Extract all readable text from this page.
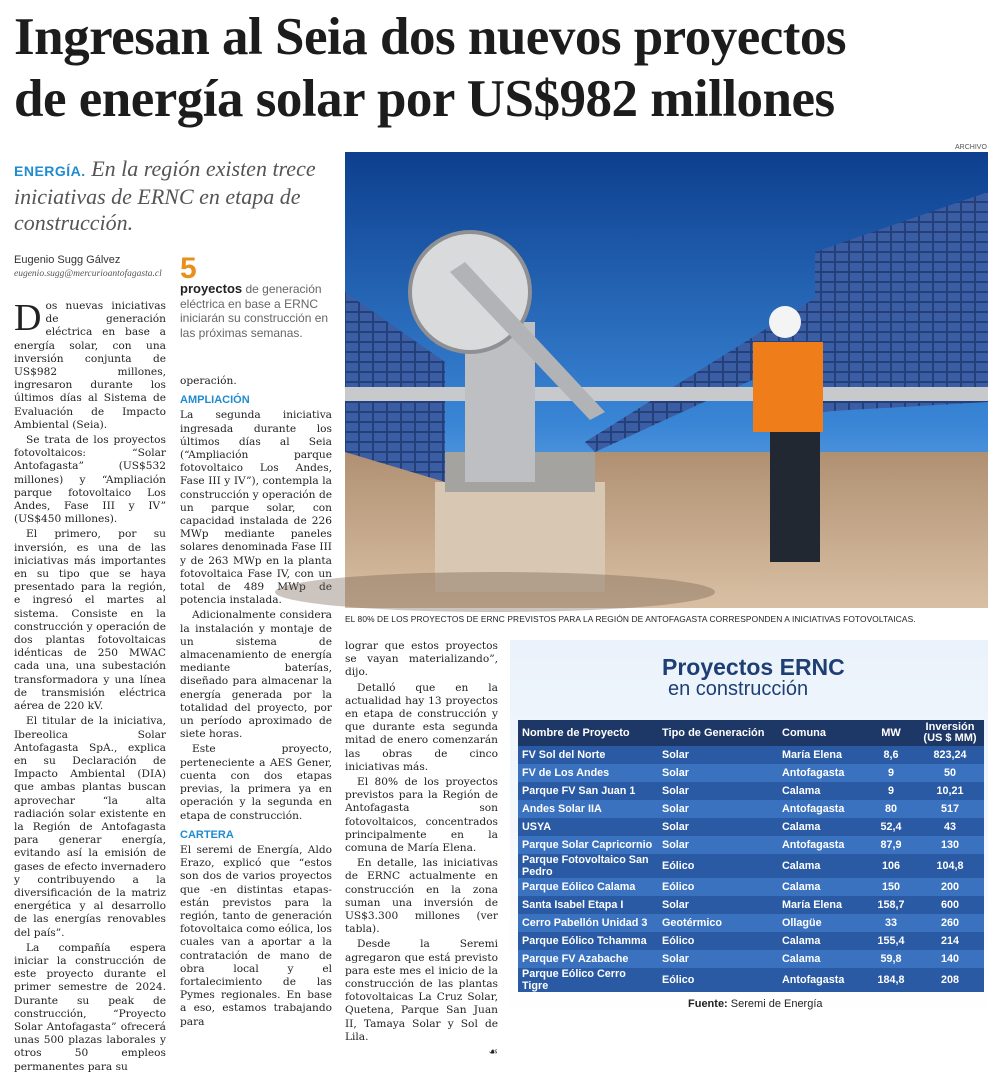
Ingresan al Seia dos nuevos proyectos
de energía solar por US$982 millones
ENERGÍA. En la región existen trece iniciativas de ERNC en etapa de construcción.
Eugenio Sugg Gálvez
eugenio.sugg@mercurioantofagasta.cl 5
proyectos de generación eléctrica en base a ERNC iniciarán su construcción en las próximas semanas.

Dos nuevas iniciativas de generación eléctrica en base a energía solar, con una inversión conjunta de US$982 millones, ingresaron durante los últimos días al Sistema de Evaluación de Impacto Ambiental (Seia).

Se trata de los proyectos fotovoltaicos: “Solar Antofagasta” (US$532 millones) y “Ampliación parque fotovoltaico Los Andes, Fase III y IV” (US$450 millones).

El primero, por su inversión, es una de las iniciativas más importantes en su tipo que se haya presentado para la región, e ingresó el martes al sistema. Consiste en la construcción y operación de dos plantas fotovoltaicas idénticas de 250 MWAC cada una, una subestación transformadora y una línea de transmisión eléctrica aérea de 220 kV.

El titular de la iniciativa, Ibereolica Solar Antofagasta SpA., explica en su Declaración de Impacto Ambiental (DIA) que ambas plantas buscan aprovechar “la alta radiación solar existente en la Región de Antofagasta para generar energía, evitando así la emisión de gases de efecto invernadero y contribuyendo a la diversificación de la matriz energética y al desarrollo de las energías renovables del país”.

La compañía espera iniciar la construcción de este proyecto durante el primer semestre de 2024. Durante su peak de construcción, “Proyecto Solar Antofagasta” ofrecerá unas 500 plazas laborales y otros 50 empleos permanentes para su

operación.

AMPLIACIÓN

La segunda iniciativa ingresada durante los últimos días al Seia (“Ampliación parque fotovoltaico Los Andes, Fase III y IV”), contempla la construcción y operación de un parque solar, con capacidad instalada de 226 MWp mediante paneles solares denominada Fase III y de 263 MWp en la planta fotovoltaica Fase IV, con un total de 489 MWp de potencia instalada.

Adicionalmente considera la instalación y montaje de un sistema de almacenamiento de energía mediante baterías, diseñado para almacenar la energía generada por la totalidad del proyecto, por un período aproximado de siete horas.

Este proyecto, perteneciente a AES Gener, cuenta con dos etapas previas, la primera ya en operación y la segunda en etapa de construcción.

CARTERA

El seremi de Energía, Aldo Erazo, explicó que “estos son dos de varios proyectos que -en distintas etapas- están previstos para la región, tanto de generación fotovoltaica como eólica, los cuales van a aportar a la contratación de mano de obra local y el fortalecimiento de las Pymes regionales. En base a eso, estamos trabajando para

lograr que estos proyectos se vayan materializando”, dijo.

Detalló que en la actualidad hay 13 proyectos en etapa de construcción y que durante esta segunda mitad de enero comenzarán las obras de cinco iniciativas más.

El 80% de los proyectos previstos para la Región de Antofagasta son fotovoltaicos, concentrados principalmente en la comuna de María Elena.

En detalle, las iniciativas de ERNC actualmente en construcción en la zona suman una inversión de US$3.300 millones (ver tabla).

Desde la Seremi agregaron que está previsto para este mes el inicio de la construcción de las plantas fotovoltaicas La Cruz Solar, Quetena, Parque San Juan II, Tamaya Solar y Sol de Lila.

☙

ARCHIVO
EL 80% DE LOS PROYECTOS DE ERNC PREVISTOS PARA LA REGIÓN DE ANTOFAGASTA CORRESPONDEN A INICIATIVAS FOTOVOLTAICAS.
Proyectos ERNC
en construcción
Nombre de Proyecto	Tipo de Generación	Comuna	MW	Inversión (US $ MM)
FV Sol del Norte	Solar	María Elena	8,6	823,24
FV de Los Andes	Solar	Antofagasta	9	50
Parque FV San Juan 1	Solar	Calama	9	10,21
Andes Solar IIA	Solar	Antofagasta	80	517
USYA	Solar	Calama	52,4	43
Parque Solar Capricornio	Solar	Antofagasta	87,9	130
Parque Fotovoltaico San Pedro	Eólico	Calama	106	104,8
Parque Eólico Calama	Eólico	Calama	150	200
Santa Isabel Etapa I	Solar	María Elena	158,7	600
Cerro Pabellón Unidad 3	Geotérmico	Ollagüe	33	260
Parque Eólico Tchamma	Eólico	Calama	155,4	214
Parque FV Azabache	Solar	Calama	59,8	140
Parque Eólico Cerro Tigre	Eólico	Antofagasta	184,8	208
Fuente: Seremi de Energía
